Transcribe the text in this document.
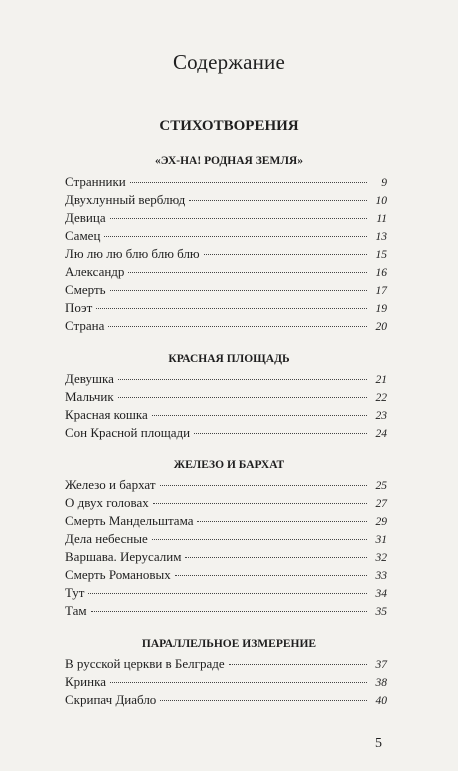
Содержание
СТИХОТВОРЕНИЯ
«ЭХ-НА! РОДНАЯ ЗЕМЛЯ»
Странники	9
Двухлунный верблюд	10
Девица	11
Самец	13
Лю лю лю блю блю блю	15
Александр	16
Смерть	17
Поэт	19
Страна	20
КРАСНАЯ ПЛОЩАДЬ
Девушка	21
Мальчик	22
Красная кошка	23
Сон Красной площади	24
ЖЕЛЕЗО И БАРХАТ
Железо и бархат	25
О двух головах	27
Смерть Мандельштама	29
Дела небесные	31
Варшава. Иерусалим	32
Смерть Романовых	33
Тут	34
Там	35
ПАРАЛЛЕЛЬНОЕ ИЗМЕРЕНИЕ
В русской церкви в Белграде	37
Кринка	38
Скрипач Диабло	40
5
